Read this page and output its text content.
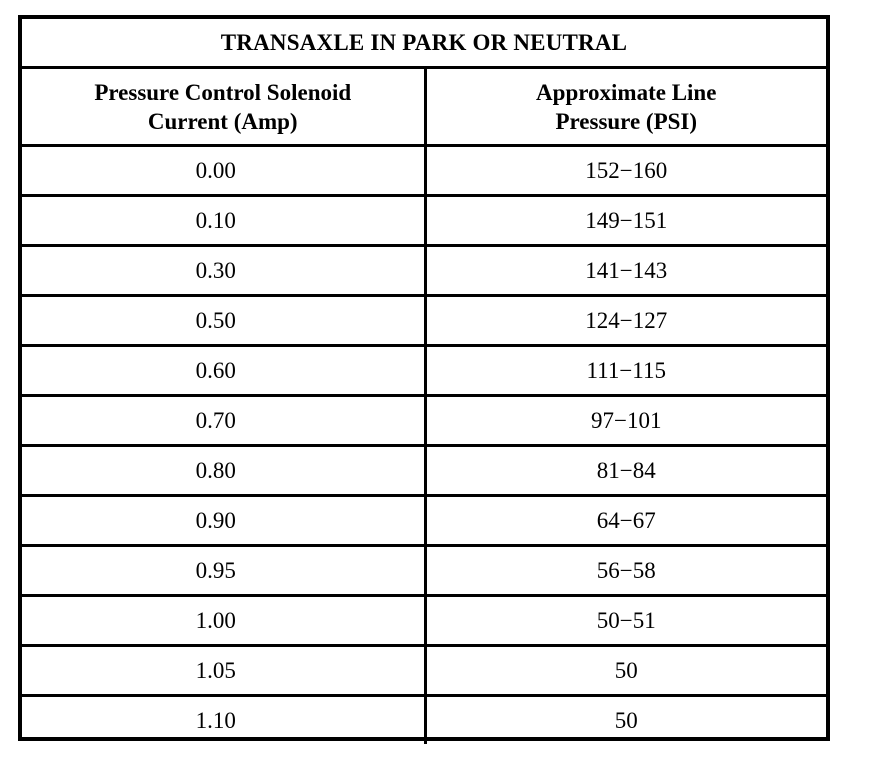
TRANSAXLE IN PARK OR NEUTRAL	
Pressure Control Solenoid
Current (Amp)	Approximate Line
Pressure (PSI)
0.00	152−160
0.10	149−151
0.30	141−143
0.50	124−127
0.60	111−115
0.70	97−101
0.80	81−84
0.90	64−67
0.95	56−58
1.00	50−51
1.05	50
1.10	50
